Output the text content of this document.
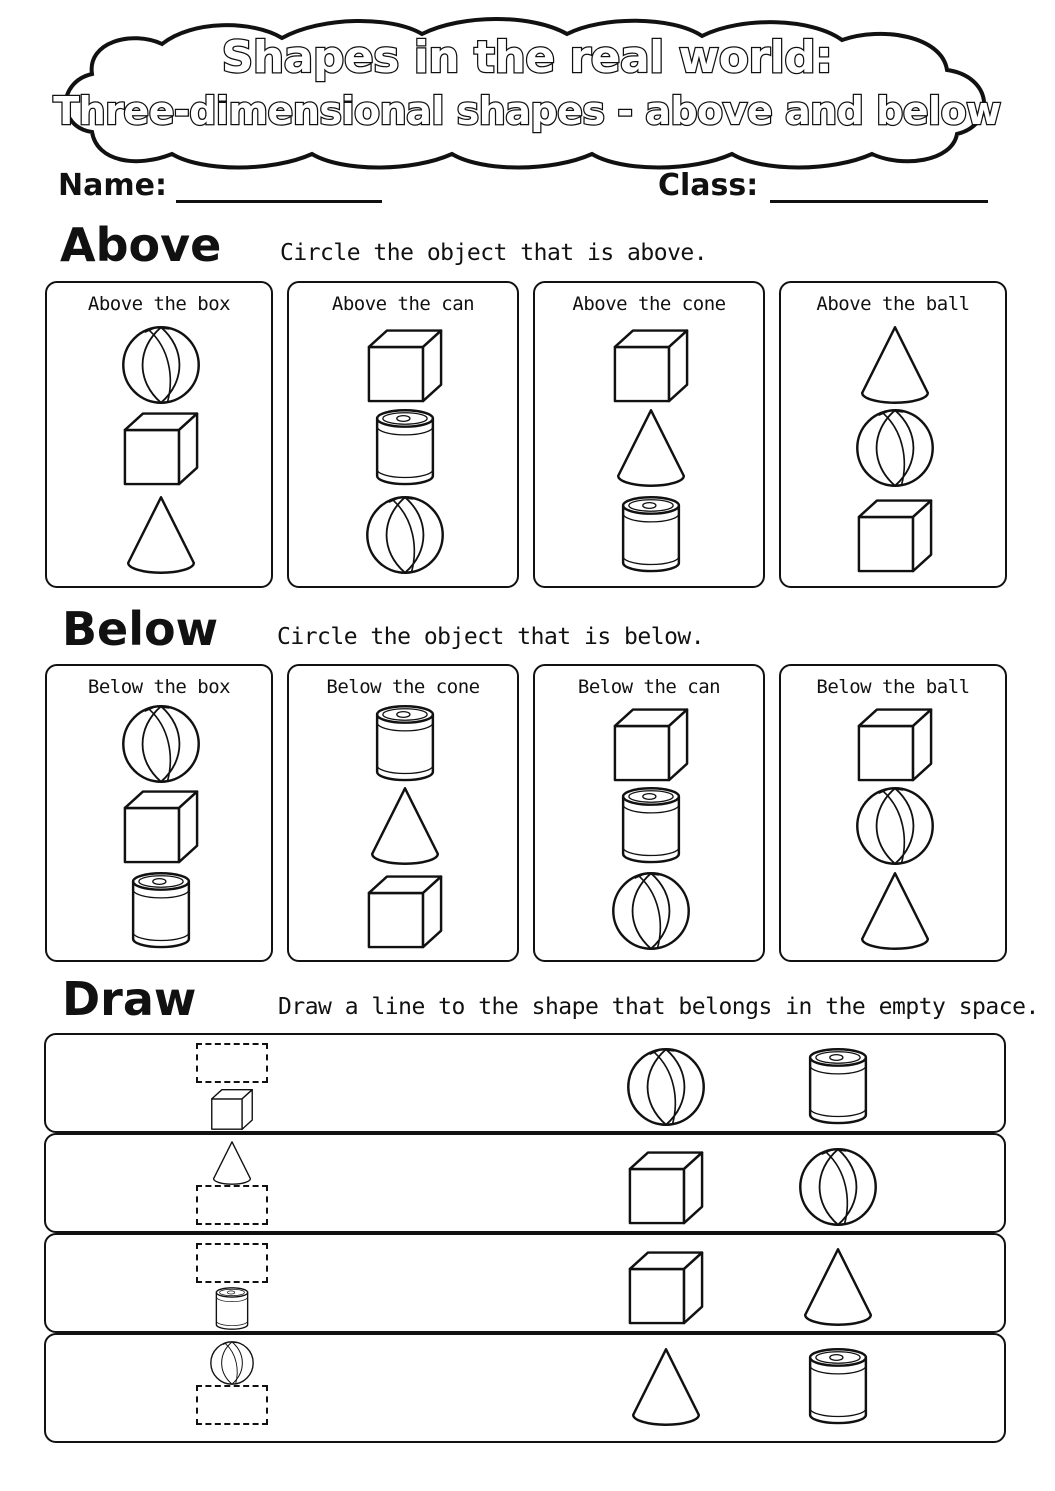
Shapes in the real world:
Three-dimensional shapes - above and below
Name:	Class:
Above	Circle the object that is above.
Below	Circle the object that is below.
Draw	Draw a line to the shape that belongs in the empty space.
Above the box	Above the can	Above the cone	Above the ball
Below the box	Below the cone	Below the can	Below the ball
